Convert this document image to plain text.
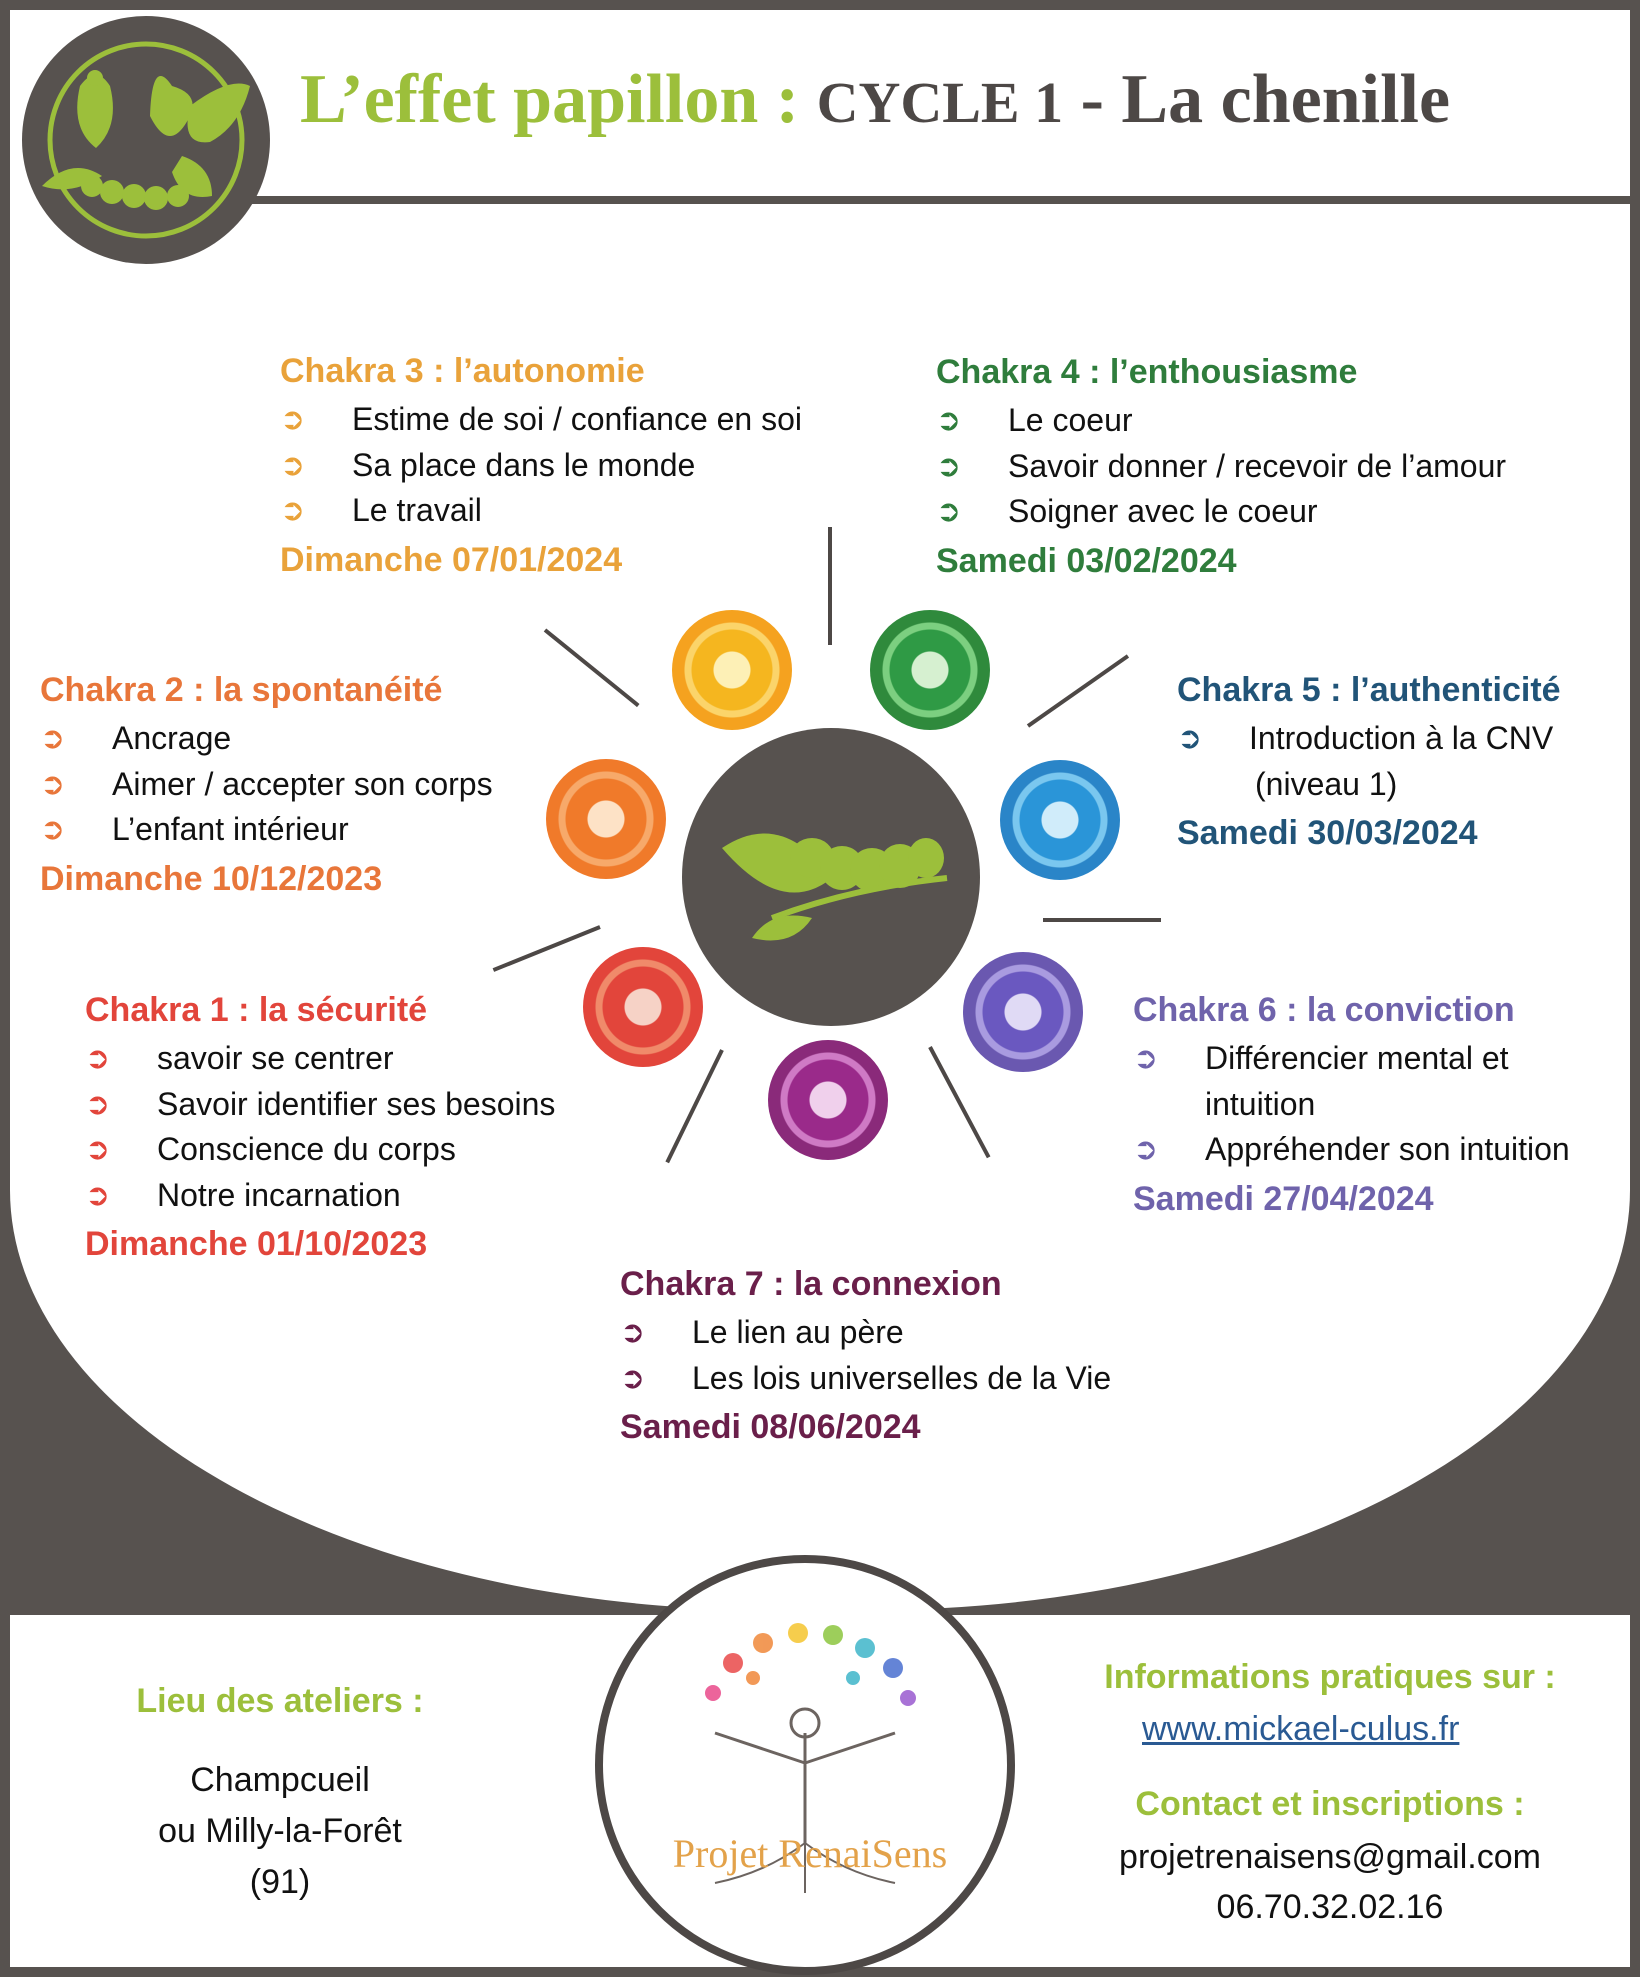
L’effet papillon : CYCLE 1 - La chenille
Chakra 3 : l’autonomie
➲ Estime de soi / confiance en soi
➲ Sa place dans le monde
➲ Le travail
Dimanche 07/01/2024
Chakra 4 : l’enthousiasme
➲ Le coeur
➲ Savoir donner / recevoir de l’amour
➲ Soigner avec le coeur
Samedi 03/02/2024
Chakra 2 : la spontanéité
➲ Ancrage
➲ Aimer / accepter son corps
➲ L’enfant intérieur
Dimanche 10/12/2023
Chakra 5 : l’authenticité
➲ Introduction à la CNV
(niveau 1)
Samedi 30/03/2024
Chakra 1 : la sécurité
➲ savoir se centrer
➲ Savoir identifier ses besoins
➲ Conscience du corps
➲ Notre incarnation
Dimanche 01/10/2023
Chakra 6 : la conviction
➲ Différencier mental et
intuition
➲ Appréhender son intuition
Samedi 27/04/2024
Chakra 7 : la connexion
➲ Le lien au père
➲ Les lois universelles de la Vie
Samedi 08/06/2024
Projet RenaiSens
Lieu des ateliers :
Champcueil
ou Milly-la-Forêt
(91)
Informations pratiques sur :
www.mickael-culus.fr
Contact et inscriptions :
projetrenaisens@gmail.com
06.70.32.02.16
